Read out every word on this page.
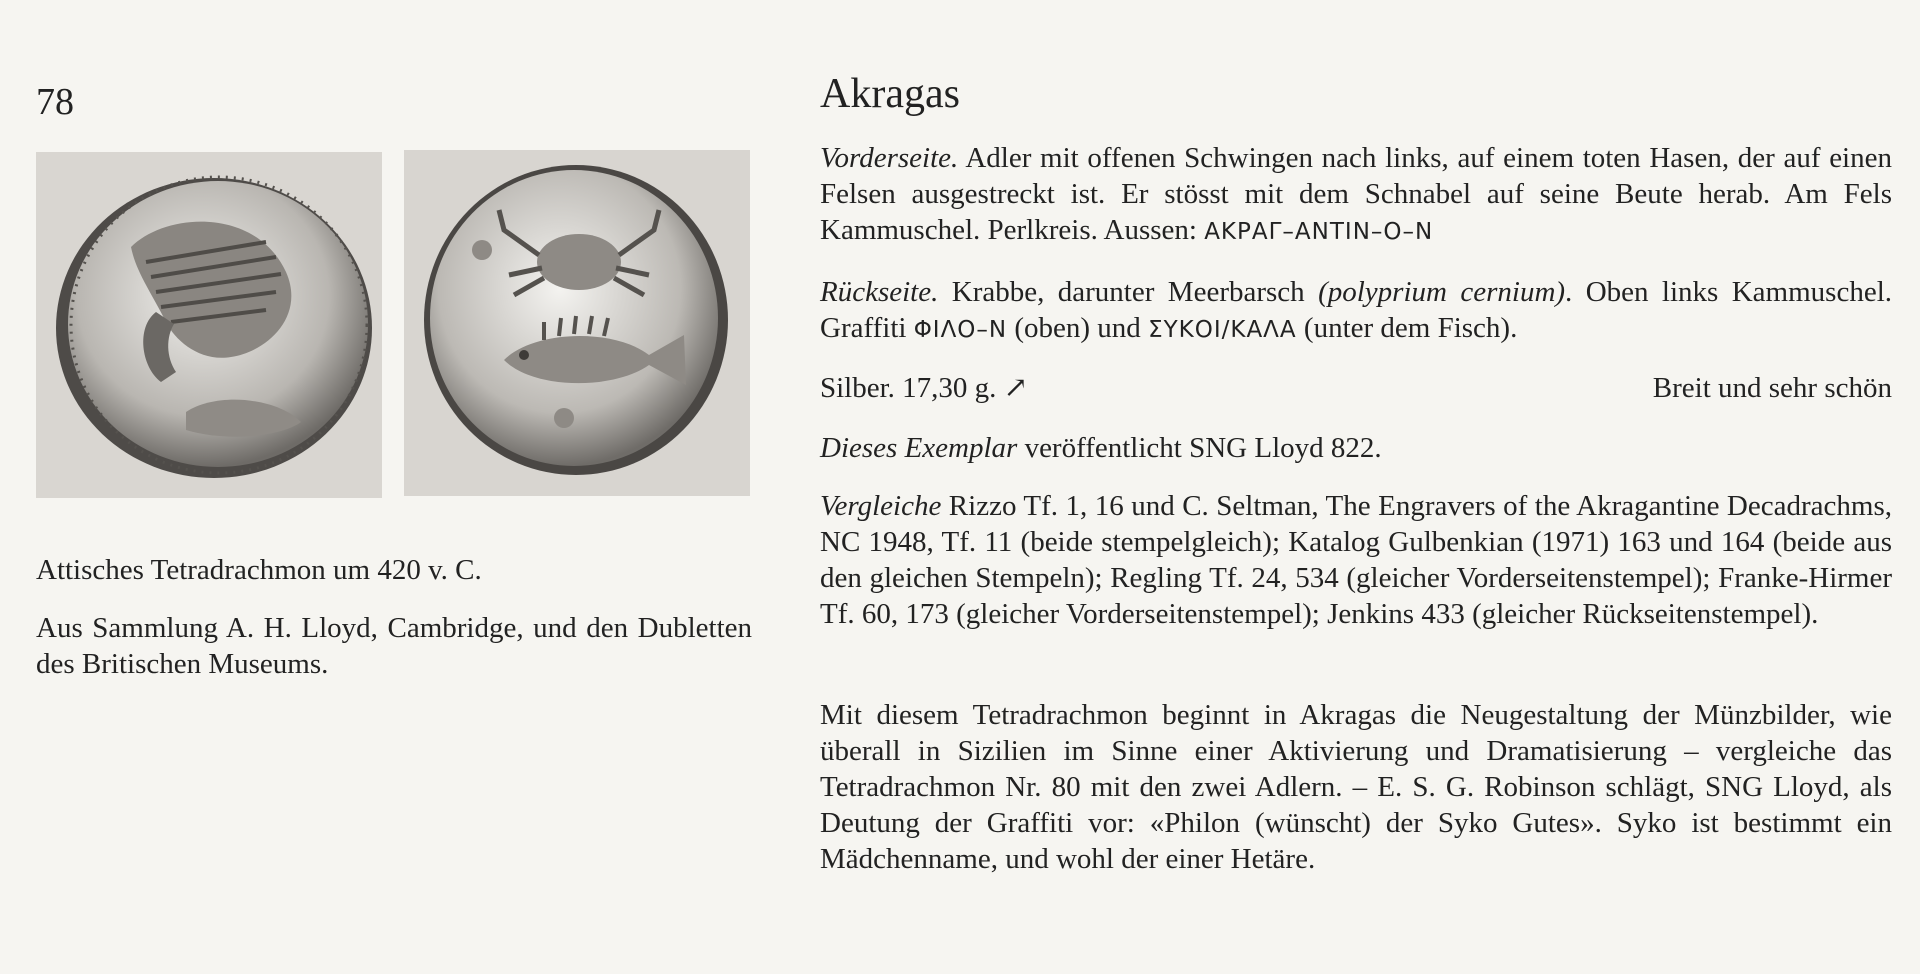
78
Attisches Tetradrachmon um 420 v. C.
Aus Sammlung A. H. Lloyd, Cambridge, und den Dubletten des Britischen Museums.
Akragas

Vorderseite. Adler mit offenen Schwingen nach links, auf einem toten Hasen, der auf einen Felsen ausgestreckt ist. Er stösst mit dem Schnabel auf seine Beute herab. Am Fels Kammuschel. Perlkreis. Aussen: ΑΚΡΑΓ–ΑΝΤΙΝ–Ο–Ν

Rückseite. Krabbe, darunter Meerbarsch (polyprium cernium). Oben links Kammuschel. Graffiti ΦΙΛΟ–Ν (oben) und ΣΥΚΟΙ/ΚΑΛΑ (unter dem Fisch).

Silber. 17,30 g. ↗	Breit und sehr schön

Dieses Exemplar veröffentlicht SNG Lloyd 822.

Vergleiche Rizzo Tf. 1, 16 und C. Seltman, The Engravers of the Akragantine Decadrachms, NC 1948, Tf. 11 (beide stempelgleich); Katalog Gulbenkian (1971) 163 und 164 (beide aus den gleichen Stempeln); Regling Tf. 24, 534 (gleicher Vorderseitenstempel); Franke-Hirmer Tf. 60, 173 (gleicher Vorderseitenstempel); Jenkins 433 (gleicher Rückseitenstempel).

Mit diesem Tetradrachmon beginnt in Akragas die Neugestaltung der Münzbilder, wie überall in Sizilien im Sinne einer Aktivierung und Dramatisierung – vergleiche das Tetradrachmon Nr. 80 mit den zwei Adlern. – E. S. G. Robinson schlägt, SNG Lloyd, als Deutung der Graffiti vor: «Philon (wünscht) der Syko Gutes». Syko ist bestimmt ein Mädchenname, und wohl der einer Hetäre.
